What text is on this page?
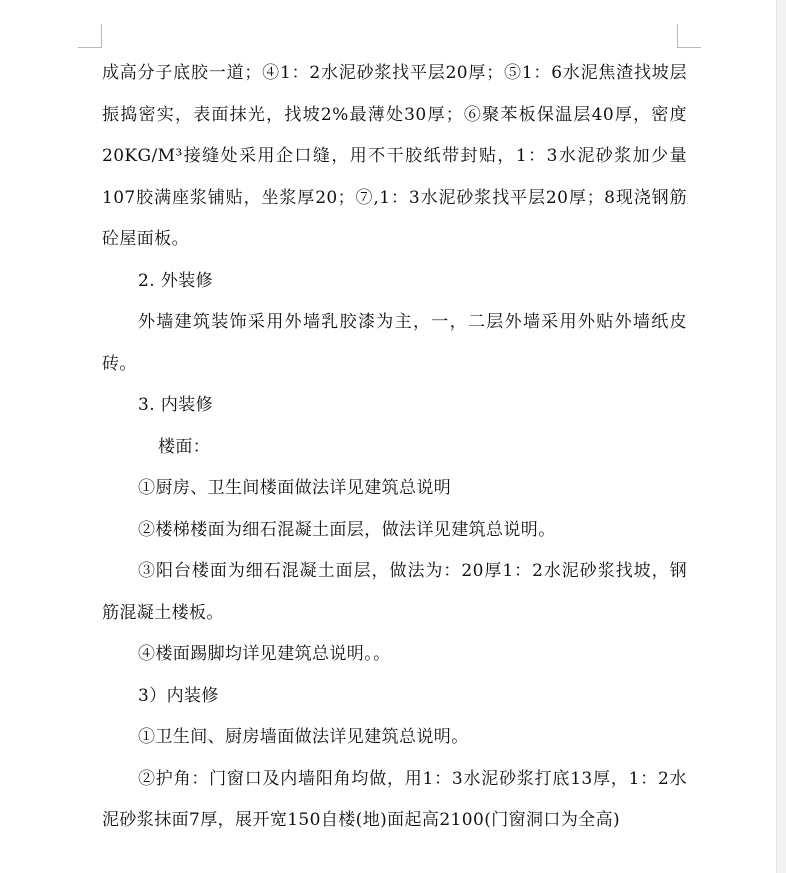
成高分子底胶一道；④1：2水泥砂浆找平层20厚；⑤1：6水泥焦渣找坡层振捣密实，表面抹光，找坡2%最薄处30厚；⑥聚苯板保温层40厚，密度20KG/M³接缝处采用企口缝，用不干胶纸带封贴，1：3水泥砂浆加少量107胶满座浆铺贴，坐浆厚20；⑦,1：3水泥砂浆找平层20厚；8现浇钢筋砼屋面板。

2. 外装修

外墙建筑装饰采用外墙乳胶漆为主，一，二层外墙采用外贴外墙纸皮砖。

3. 内装修

楼面：

①厨房、卫生间楼面做法详见建筑总说明

②楼梯楼面为细石混凝土面层，做法详见建筑总说明。

③阳台楼面为细石混凝土面层，做法为：20厚1：2水泥砂浆找坡，钢筋混凝土楼板。

④楼面踢脚均详见建筑总说明。。

3）内装修

①卫生间、厨房墙面做法详见建筑总说明。

②护角：门窗口及内墙阳角均做，用1：3水泥砂浆打底13厚，1：2水泥砂浆抹面7厚，展开宽150自楼(地)面起高2100(门窗洞口为全高)
